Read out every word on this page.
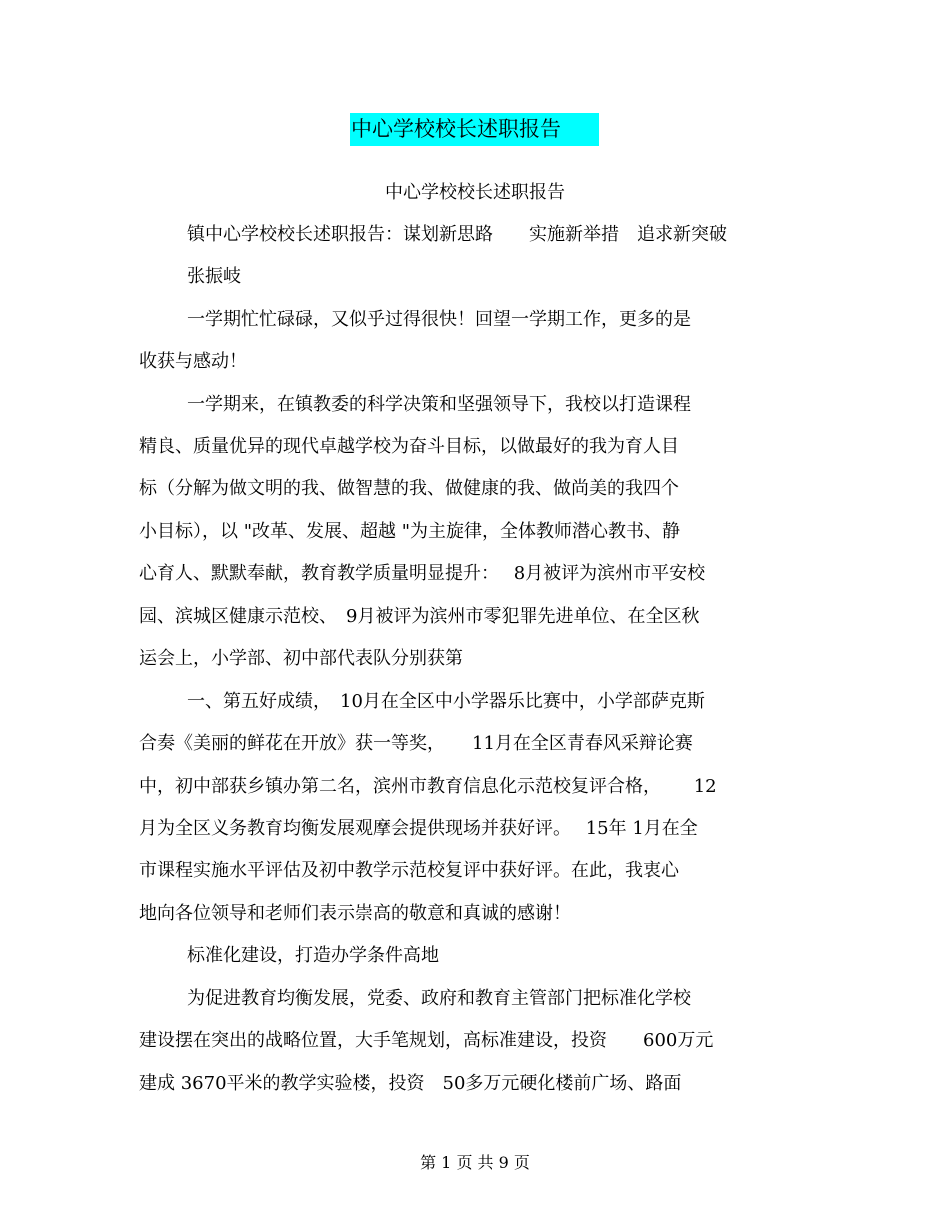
中心学校校长述职报告
中心学校校长述职报告
镇中心学校校长述职报告：谋划新思路　　实施新举措　追求新突破
张振岐
一学期忙忙碌碌，又似乎过得很快！回望一学期工作，更多的是
收获与感动！
一学期来，在镇教委的科学决策和坚强领导下，我校以打造课程
精良、质量优异的现代卓越学校为奋斗目标，以做最好的我为育人目
标（分解为做文明的我、做智慧的我、做健康的我、做尚美的我四个
小目标），以 "改革、发展、超越 "为主旋律，全体教师潜心教书、静
心育人、默默奉献，教育教学质量明显提升：　 8月被评为滨州市平安校
园、滨城区健康示范校、　9月被评为滨州市零犯罪先进单位、在全区秋
运会上，小学部、初中部代表队分别获第
一、第五好成绩，　10月在全区中小学器乐比赛中，小学部萨克斯
合奏《美丽的鲜花在开放》获一等奖，　　11月在全区青春风采辩论赛
中，初中部获乡镇办第二名，滨州市教育信息化示范校复评合格，　　 12
月为全区义务教育均衡发展观摩会提供现场并获好评。　 15年 1月在全
市课程实施水平评估及初中教学示范校复评中获好评。在此，我衷心
地向各位领导和老师们表示崇高的敬意和真诚的感谢！
标准化建设，打造办学条件高地
为促进教育均衡发展，党委、政府和教育主管部门把标准化学校
建设摆在突出的战略位置，大手笔规划，高标准建设，投资　　600万元
建成 3670平米的教学实验楼，投资　50多万元硬化楼前广场、路面
第 1 页 共 9 页
